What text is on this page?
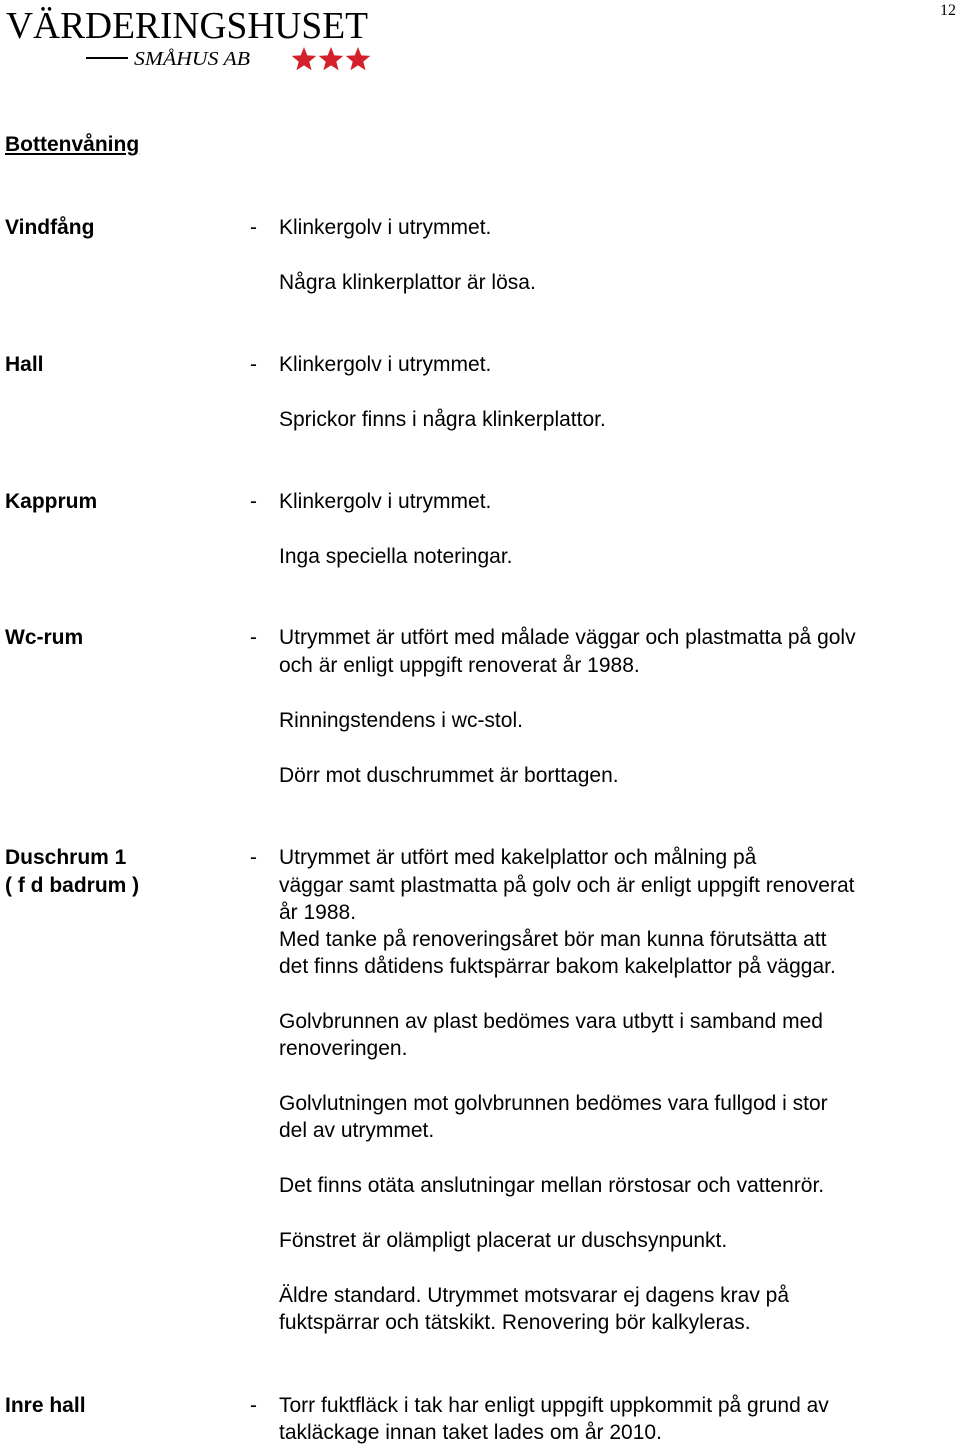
VÄRDERINGSHUSET
SMÅHUS AB
12
Bottenvåning
Vindfång	- Klinkergolv i utrymmet.

Några klinkerplattor är lösa.

Hall	- Klinkergolv i utrymmet.

Sprickor finns i några klinkerplattor.

Kapprum	- Klinkergolv i utrymmet.

Inga speciella noteringar.

Wc-rum	- Utrymmet är utfört med målade väggar och plastmatta på golv

och är enligt uppgift renoverat år 1988.

Rinningstendens i wc-stol.

Dörr mot duschrummet är borttagen.

Duschrum 1
( f d badrum )
- Utrymmet är utfört med kakelplattor och målning på

väggar samt plastmatta på golv och är enligt uppgift renoverat

år 1988.

Med tanke på renoveringsåret bör man kunna förutsätta att

det finns dåtidens fuktspärrar bakom kakelplattor på väggar.

Golvbrunnen av plast bedömes vara utbytt i samband med

renoveringen.

Golvlutningen mot golvbrunnen bedömes vara fullgod i stor

del av utrymmet.

Det finns otäta anslutningar mellan rörstosar och vattenrör.

Fönstret är olämpligt placerat ur duschsynpunkt.

Äldre standard. Utrymmet motsvarar ej dagens krav på

fuktspärrar och tätskikt. Renovering bör kalkyleras.

Inre hall	- Torr fuktfläck i tak har enligt uppgift uppkommit på grund av

takläckage innan taket lades om år 2010.
